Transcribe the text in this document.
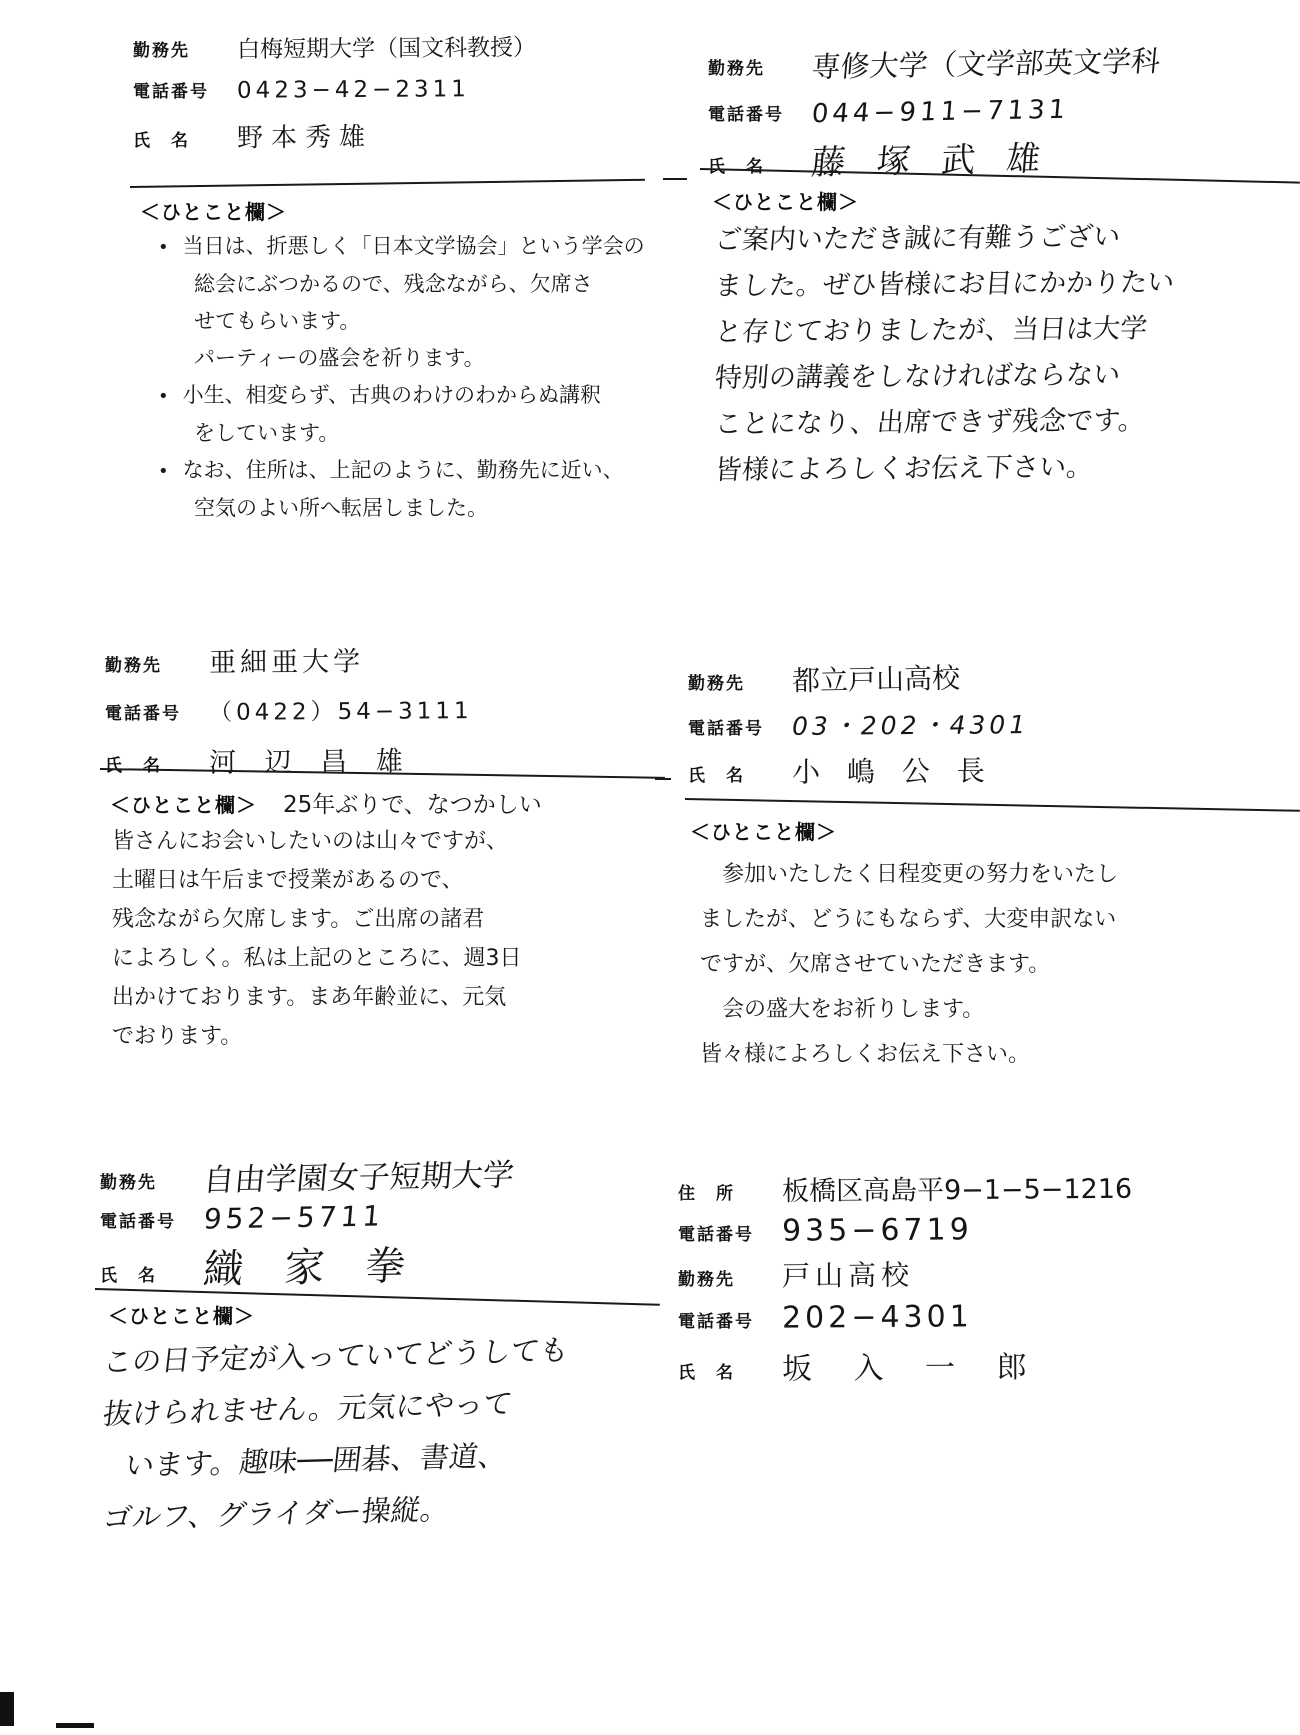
勤務先	白梅短期大学（国文科教授）
電話番号	0423−42−2311
氏　名	野本秀雄
＜ひとこと欄＞
• 当日は、折悪しく「日本文学協会」という学会の
総会にぶつかるので、残念ながら、欠席さ
せてもらいます。
パーティーの盛会を祈ります。
• 小生、相変らず、古典のわけのわからぬ講釈
をしています。
• なお、住所は、上記のように、勤務先に近い、
空気のよい所へ転居しました。
勤務先	専修大学（文学部英文学科
電話番号	044−911−7131
氏　名	藤 塚 武 雄
＜ひとこと欄＞
ご案内いただき誠に有難うござい
ました。ぜひ皆様にお目にかかりたい
と存じておりましたが、当日は大学
特別の講義をしなければならない
ことになり、出席できず残念です。
皆様によろしくお伝え下さい。
勤務先	亜細亜大学
電話番号	（0422）54−3111
氏　名	河 辺 昌 雄
＜ひとこと欄＞ 25年ぶりで、なつかしい
皆さんにお会いしたいのは山々ですが、
土曜日は午后まで授業があるので、
残念ながら欠席します。ご出席の諸君
によろしく。私は上記のところに、週3日
出かけております。まあ年齢並に、元気
でおります。
勤務先	都立戸山高校
電話番号	03・202・4301
氏　名	小 嶋 公 長
＜ひとこと欄＞
参加いたしたく日程変更の努力をいたし
ましたが、どうにもならず、大変申訳ない
ですが、欠席させていただきます。
会の盛大をお祈りします。
皆々様によろしくお伝え下さい。
勤務先	自由学園女子短期大学
電話番号 952−5711
氏　名	織 家 拳
＜ひとこと欄＞
この日予定が入っていてどうしても
抜けられません。元気にやって
います。趣味──囲碁、書道、
ゴルフ、グライダー操縦。
住　所	板橋区高島平9−1−5−1216
電話番号 935−6719
勤務先	戸山高校
電話番号 202−4301
氏　名	坂 入 一 郎
